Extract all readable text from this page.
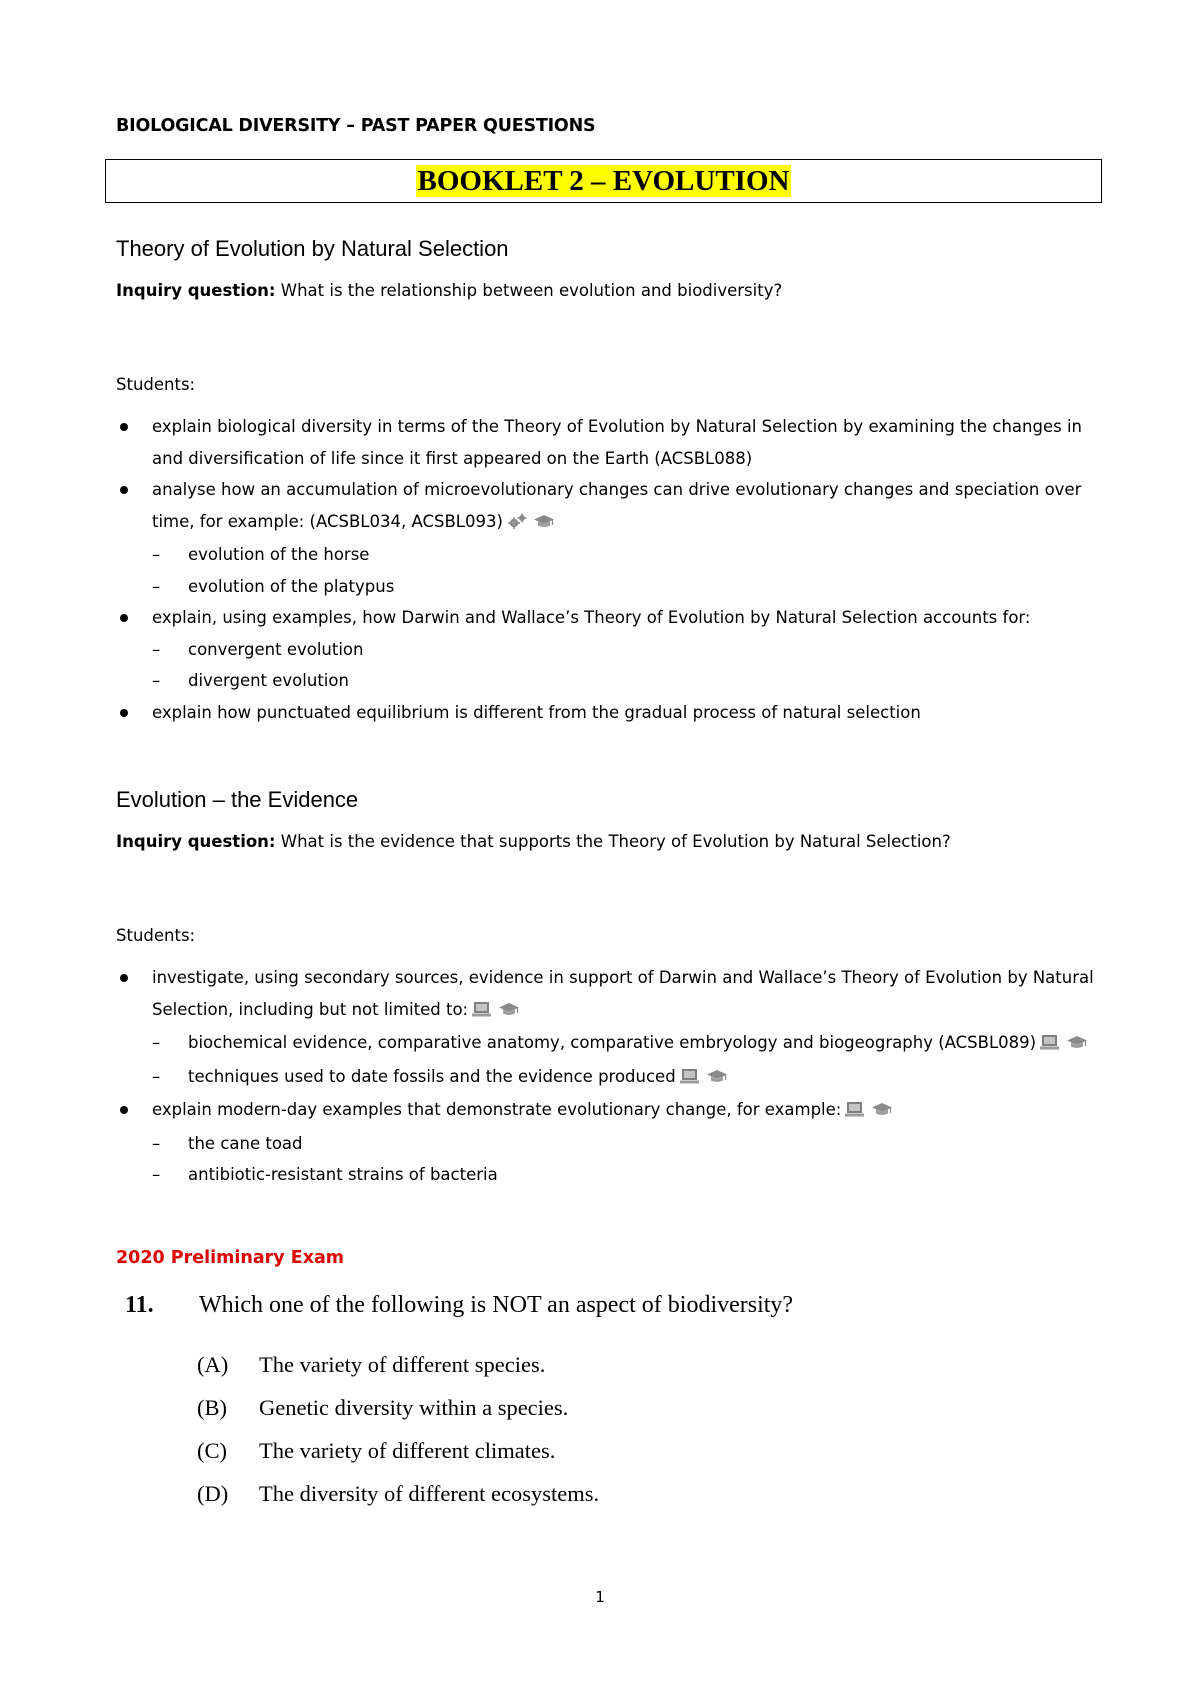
BIOLOGICAL DIVERSITY – PAST PAPER QUESTIONS
BOOKLET 2 – EVOLUTION
Theory of Evolution by Natural Selection
Inquiry question: What is the relationship between evolution and biodiversity?
Students:
explain biological diversity in terms of the Theory of Evolution by Natural Selection by examining the changes in and diversification of life since it first appeared on the Earth (ACSBL088)
analyse how an accumulation of microevolutionary changes can drive evolutionary changes and speciation over time, for example: (ACSBL034, ACSBL093)
– evolution of the horse
– evolution of the platypus
explain, using examples, how Darwin and Wallace’s Theory of Evolution by Natural Selection accounts for:
– convergent evolution
– divergent evolution
explain how punctuated equilibrium is different from the gradual process of natural selection
Evolution – the Evidence
Inquiry question: What is the evidence that supports the Theory of Evolution by Natural Selection?
Students:
investigate, using secondary sources, evidence in support of Darwin and Wallace’s Theory of Evolution by Natural Selection, including but not limited to:
– biochemical evidence, comparative anatomy, comparative embryology and biogeography (ACSBL089)
– techniques used to date fossils and the evidence produced
explain modern-day examples that demonstrate evolutionary change, for example:
– the cane toad
– antibiotic-resistant strains of bacteria
2020 Preliminary Exam
11. Which one of the following is NOT an aspect of biodiversity?
(A) The variety of different species.
(B) Genetic diversity within a species.
(C) The variety of different climates.
(D) The diversity of different ecosystems.
1
